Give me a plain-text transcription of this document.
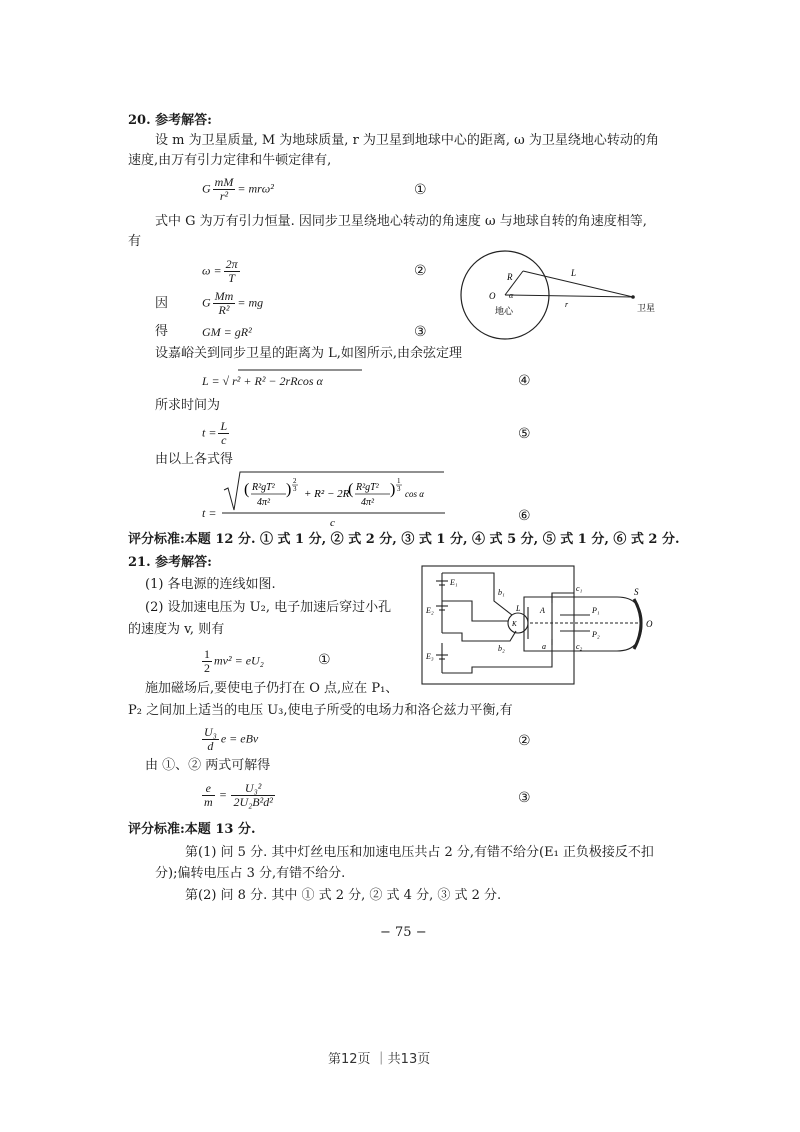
20. 参考解答:
设 m 为卫星质量, M 为地球质量, r 为卫星到地球中心的距离, ω 为卫星绕地心转动的角
速度,由万有引力定律和牛顿定律有,
G $\frac{mM}{\text{r²}} = mr\omega^2$	①
式中 G 为万有引力恒量. 因同步卫星绕地心转动的角速度 ω 与地球自转的角速度相等,
有
$\omega = \frac{2\pi}{T}$	②
因	G $\frac{Mm}{\text{R²}}$ = mg
得	GM = gR²	③
R	L
O α
r
地心	卫星
设嘉峪关到同步卫星的距离为 L,如图所示,由余弦定理
L = √ r² + R² − 2rRcos α	④
所求时间为
$t = \frac{L}{c}$	⑤
由以上各式得
t =
( R²gT²
4π²
) 2
3 + R² − 2R
( R²gT²
4π²
) 1
3 cos α
c	⑥
评分标准:本题 12 分. ① 式 1 分, ② 式 2 分, ③ 式 1 分, ④ 式 5 分, ⑤ 式 1 分, ⑥ 式 2 分.
21. 参考解答:
(1) 各电源的连线如图.
(2) 设加速电压为 U₂, 电子加速后穿过小孔
的速度为 v, 则有
$\frac{1}{2} mv^2 = eU_2$	①
E₁
E₂
E₃
b₁
b₂
c₁
c₂
a
L A
K
P₁
P₂
S
O
施加磁场后,要使电子仍打在 O 点,应在 P₁、
P₂ 之间加上适当的电压 U₃,使电子所受的电场力和洛仑兹力平衡,有
$\frac{\text{U₃}}{d}$ e = eBv	②
由 ①、② 两式可解得
$\frac{e}{m} = \frac{\text{U₃²}}{\text{2U₂B²d²}}$	③
评分标准:本题 13 分.
第(1) 问 5 分. 其中灯丝电压和加速电压共占 2 分,有错不给分(E₁ 正负极接反不扣
分);偏转电压占 3 分,有错不给分.
第(2) 问 8 分. 其中 ① 式 2 分, ② 式 4 分, ③ 式 2 分.
− 75 −
第12页 ｜共13页
